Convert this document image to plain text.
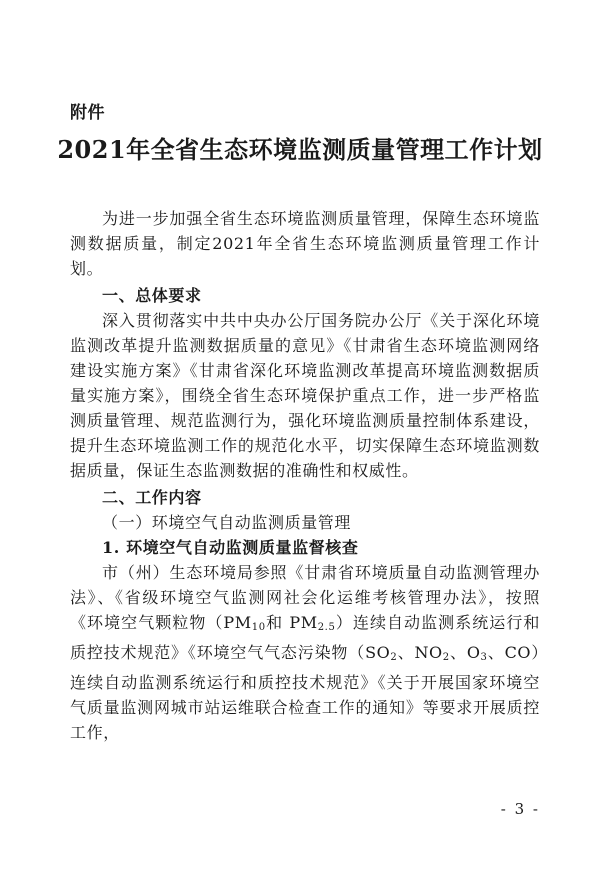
附件
2021年全省生态环境监测质量管理工作计划

为进一步加强全省生态环境监测质量管理，保障生态环境监测数据质量，制定2021年全省生态环境监测质量管理工作计划。

一、总体要求

深入贯彻落实中共中央办公厅国务院办公厅《关于深化环境监测改革提升监测数据质量的意见》《甘肃省生态环境监测网络建设实施方案》《甘肃省深化环境监测改革提高环境监测数据质量实施方案》，围绕全省生态环境保护重点工作，进一步严格监测质量管理、规范监测行为，强化环境监测质量控制体系建设，提升生态环境监测工作的规范化水平，切实保障生态环境监测数据质量，保证生态监测数据的准确性和权威性。

二、工作内容

（一）环境空气自动监测质量管理

1. 环境空气自动监测质量监督核查

市（州）生态环境局参照《甘肃省环境质量自动监测管理办法》、《省级环境空气监测网社会化运维考核管理办法》，按照《环境空气颗粒物（$PM_{10}$和 $PM_{2.5}$）连续自动监测系统运行和质控技术规范》《环境空气气态污染物（$SO_2$、$NO_2$、$O_3$、CO）连续自动监测系统运行和质控技术规范》《关于开展国家环境空气质量监测网城市站运维联合检查工作的通知》等要求开展质控工作，

- 3 -
